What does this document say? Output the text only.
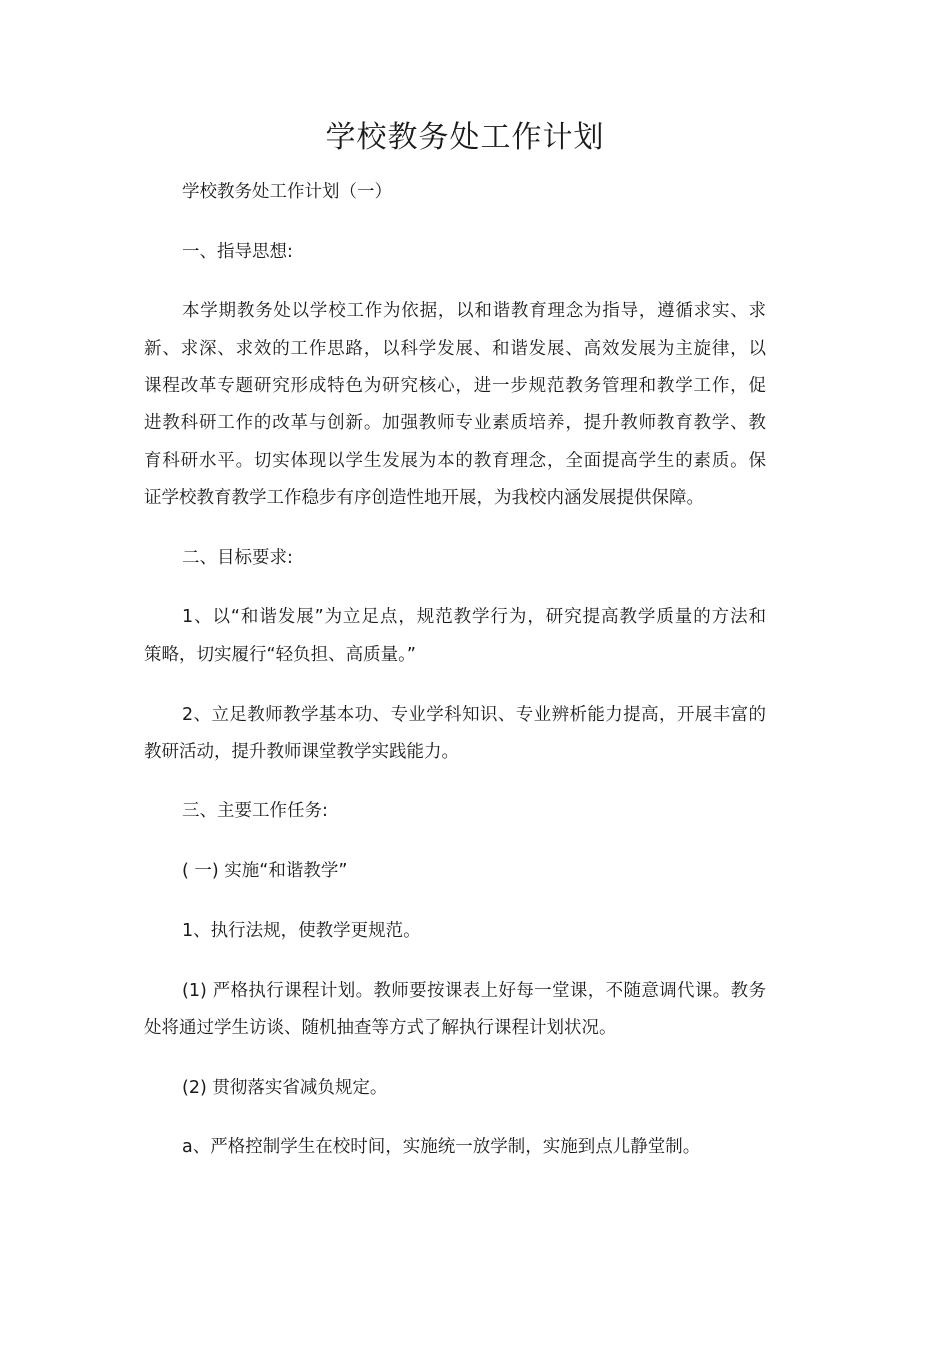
学校教务处工作计划
学校教务处工作计划（一）
一、指导思想:
本学期教务处以学校工作为依据，以和谐教育理念为指导，遵循求实、求
新、求深、求效的工作思路，以科学发展、和谐发展、高效发展为主旋律，以
课程改革专题研究形成特色为研究核心，进一步规范教务管理和教学工作，促
进教科研工作的改革与创新。加强教师专业素质培养，提升教师教育教学、教
育科研水平。切实体现以学生发展为本的教育理念，全面提高学生的素质。保
证学校教育教学工作稳步有序创造性地开展，为我校内涵发展提供保障。
二、目标要求:
1、以“和谐发展”为立足点，规范教学行为，研究提高教学质量的方法和
策略，切实履行“轻负担、高质量。”
2、立足教师教学基本功、专业学科知识、专业辨析能力提高，开展丰富的
教研活动，提升教师课堂教学实践能力。
三、主要工作任务:
( 一) 实施“和谐教学”
1、执行法规，使教学更规范。
(1) 严格执行课程计划。教师要按课表上好每一堂课，不随意调代课。教务
处将通过学生访谈、随机抽查等方式了解执行课程计划状况。
(2) 贯彻落实省减负规定。
a、严格控制学生在校时间，实施统一放学制，实施到点儿静堂制。
